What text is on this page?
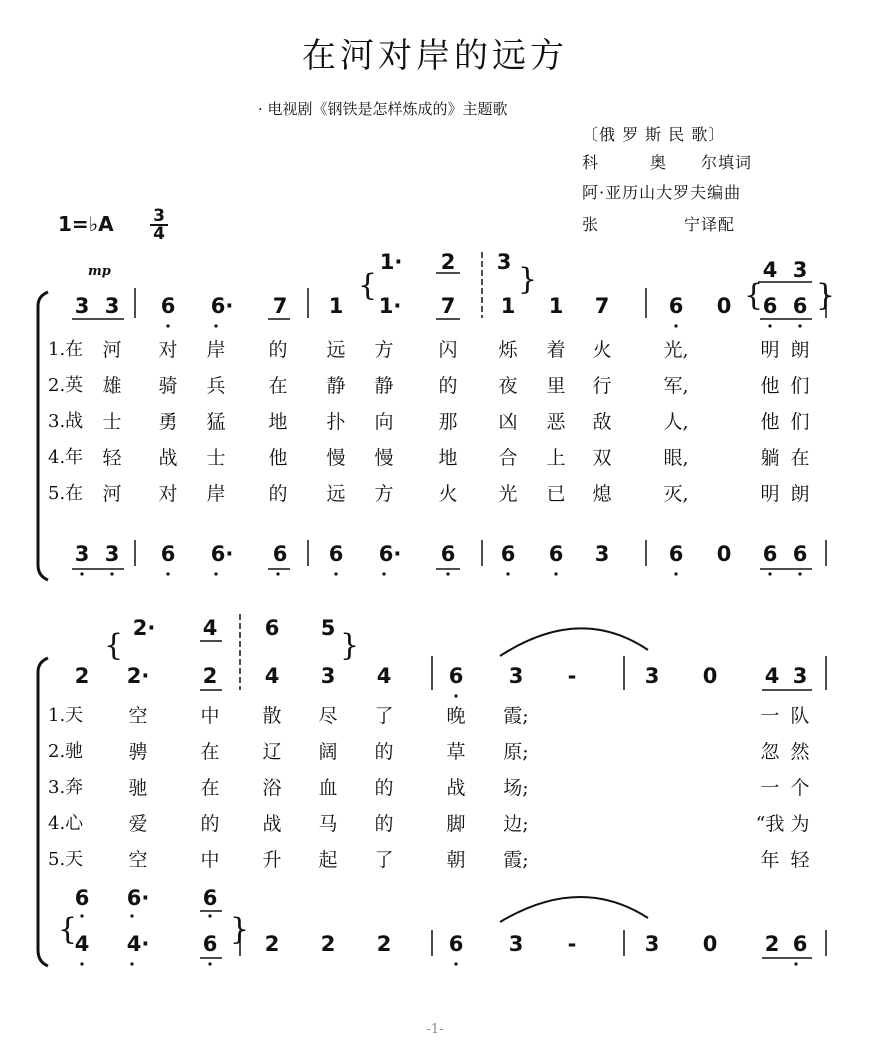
在河对岸的远方
· 电视剧《钢铁是怎样炼成的》主题歌
〔俄 罗 斯 民 歌〕
科　　　奥　　尔填词
阿·亚历山大罗夫编曲
张　　　　　宁译配
1=♭A 3
4
mp	{	}	{ }
{	}
{	}
1· 2 3	4 3
3 3 6 6· 7 1 1· 7 1 1 7	6 0 6 6
1.在 河 对 岸 的 远 方 闪 烁 着 火	光,	明 朗
2.英 雄 骑 兵 在 静 静 的 夜 里 行	军,	他 们
3.战 士 勇 猛 地 扑 向 那 凶 恶 敌	人,	他 们
4.年 轻 战 士 他 慢 慢 地 合 上 双	眼,	躺 在
5.在 河 对 岸 的 远 方 火 光 已 熄	灭,	明 朗
3 3 6 6· 6 6 6· 6 6 6 3	6 0 6 6
2· 4 6 5
2 2·	2 4 3 4	6 3 -	3 0 4 3
1.天 空	中 散 尽 了	晚 霞;	一 队
2.驰 骋	在 辽 阔 的	草 原;	忽 然
3.奔 驰	在 浴 血 的	战 场;	一 个
4.心 爱	的 战 马 的	脚 边;	“我 为
5.天 空	中 升 起 了	朝 霞;	年 轻
6 6·	6
4 4·	6 2 2 2	6 3 -	3 0 2 6
-1-
